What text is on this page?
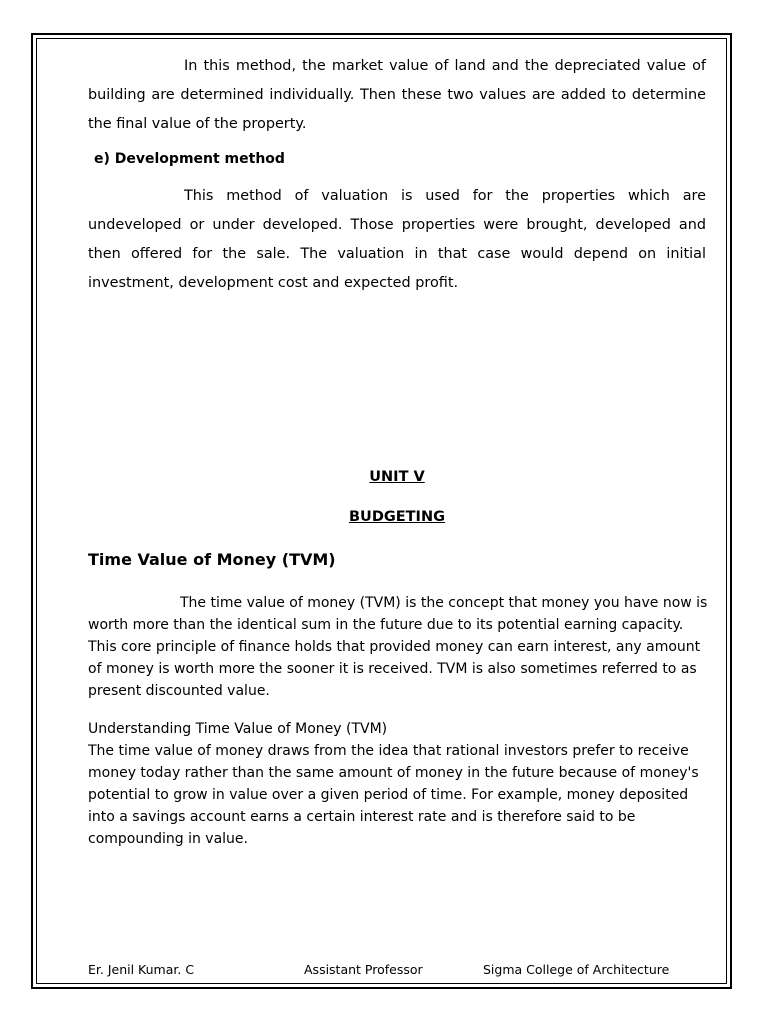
In this method, the market value of land and the depreciated value of building are determined individually. Then these two values are added to determine the final value of the property.
e) Development method
This method of valuation is used for the properties which are undeveloped or under developed. Those properties were brought, developed and then offered for the sale. The valuation in that case would depend on initial investment, development cost and expected profit.
UNIT V
BUDGETING
Time Value of Money (TVM)
The time value of money (TVM) is the concept that money you have now is worth more than the identical sum in the future due to its potential earning capacity. This core principle of finance holds that provided money can earn interest, any amount of money is worth more the sooner it is received. TVM is also sometimes referred to as present discounted value.
Understanding Time Value of Money (TVM)
The time value of money draws from the idea that rational investors prefer to receive money today rather than the same amount of money in the future because of money's potential to grow in value over a given period of time. For example, money deposited into a savings account earns a certain interest rate and is therefore said to be compounding in value.
Er. Jenil Kumar. C	Assistant Professor	Sigma College of Architecture
